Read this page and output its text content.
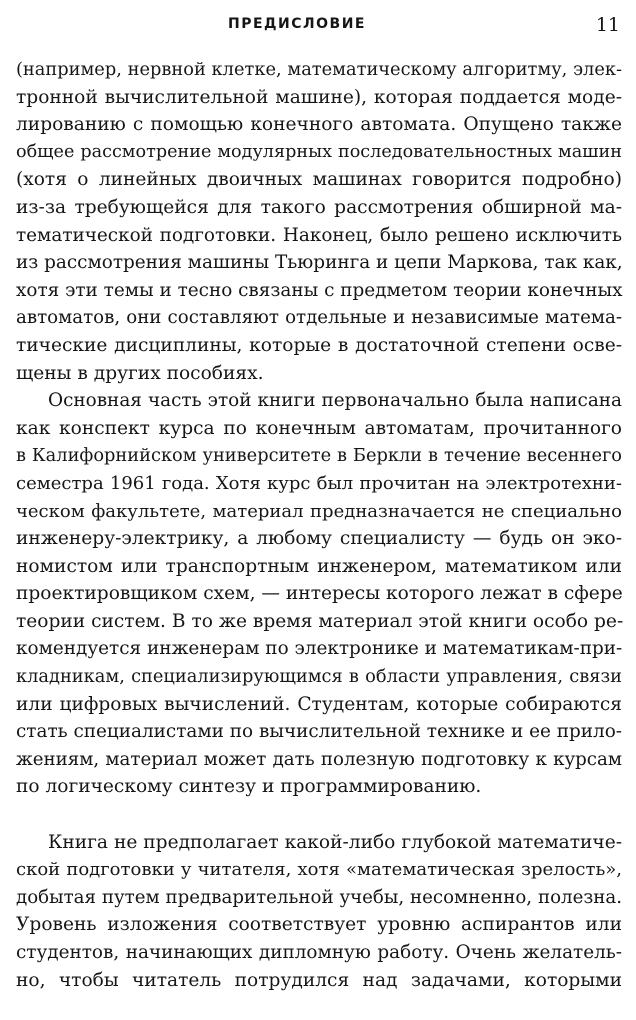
ПРЕДИСЛОВИЕ	11
(например, нервной клетке, математическому алгоритму, элек-
тронной вычислительной машине), которая поддается моде-
лированию с помощью конечного автомата. Опущено также
общее рассмотрение модулярных последовательностных машин
(хотя о линейных двоичных машинах говорится подробно)
из-за требующейся для такого рассмотрения обширной ма-
тематической подготовки. Наконец, было решено исключить
из рассмотрения машины Тьюринга и цепи Маркова, так как,
хотя эти темы и тесно связаны с предметом теории конечных
автоматов, они составляют отдельные и независимые матема-
тические дисциплины, которые в достаточной степени осве-
щены в других пособиях.
Основная часть этой книги первоначально была написана
как конспект курса по конечным автоматам, прочитанного
в Калифорнийском университете в Беркли в течение весеннего
семестра 1961 года. Хотя курс был прочитан на электротехни-
ческом факультете, материал предназначается не специально
инженеру-электрику, а любому специалисту — будь он эко-
номистом или транспортным инженером, математиком или
проектировщиком схем, — интересы которого лежат в сфере
теории систем. В то же время материал этой книги особо ре-
комендуется инженерам по электронике и математикам-при-
кладникам, специализирующимся в области управления, связи
или цифровых вычислений. Студентам, которые собираются
стать специалистами по вычислительной технике и ее прило-
жениям, материал может дать полезную подготовку к курсам
по логическому синтезу и программированию.
Книга не предполагает какой-либо глубокой математиче-
ской подготовки у читателя, хотя «математическая зрелость»,
добытая путем предварительной учебы, несомненно, полезна.
Уровень изложения соответствует уровню аспирантов или
студентов, начинающих дипломную работу. Очень желатель-
но, чтобы читатель потрудился над задачами, которыми
